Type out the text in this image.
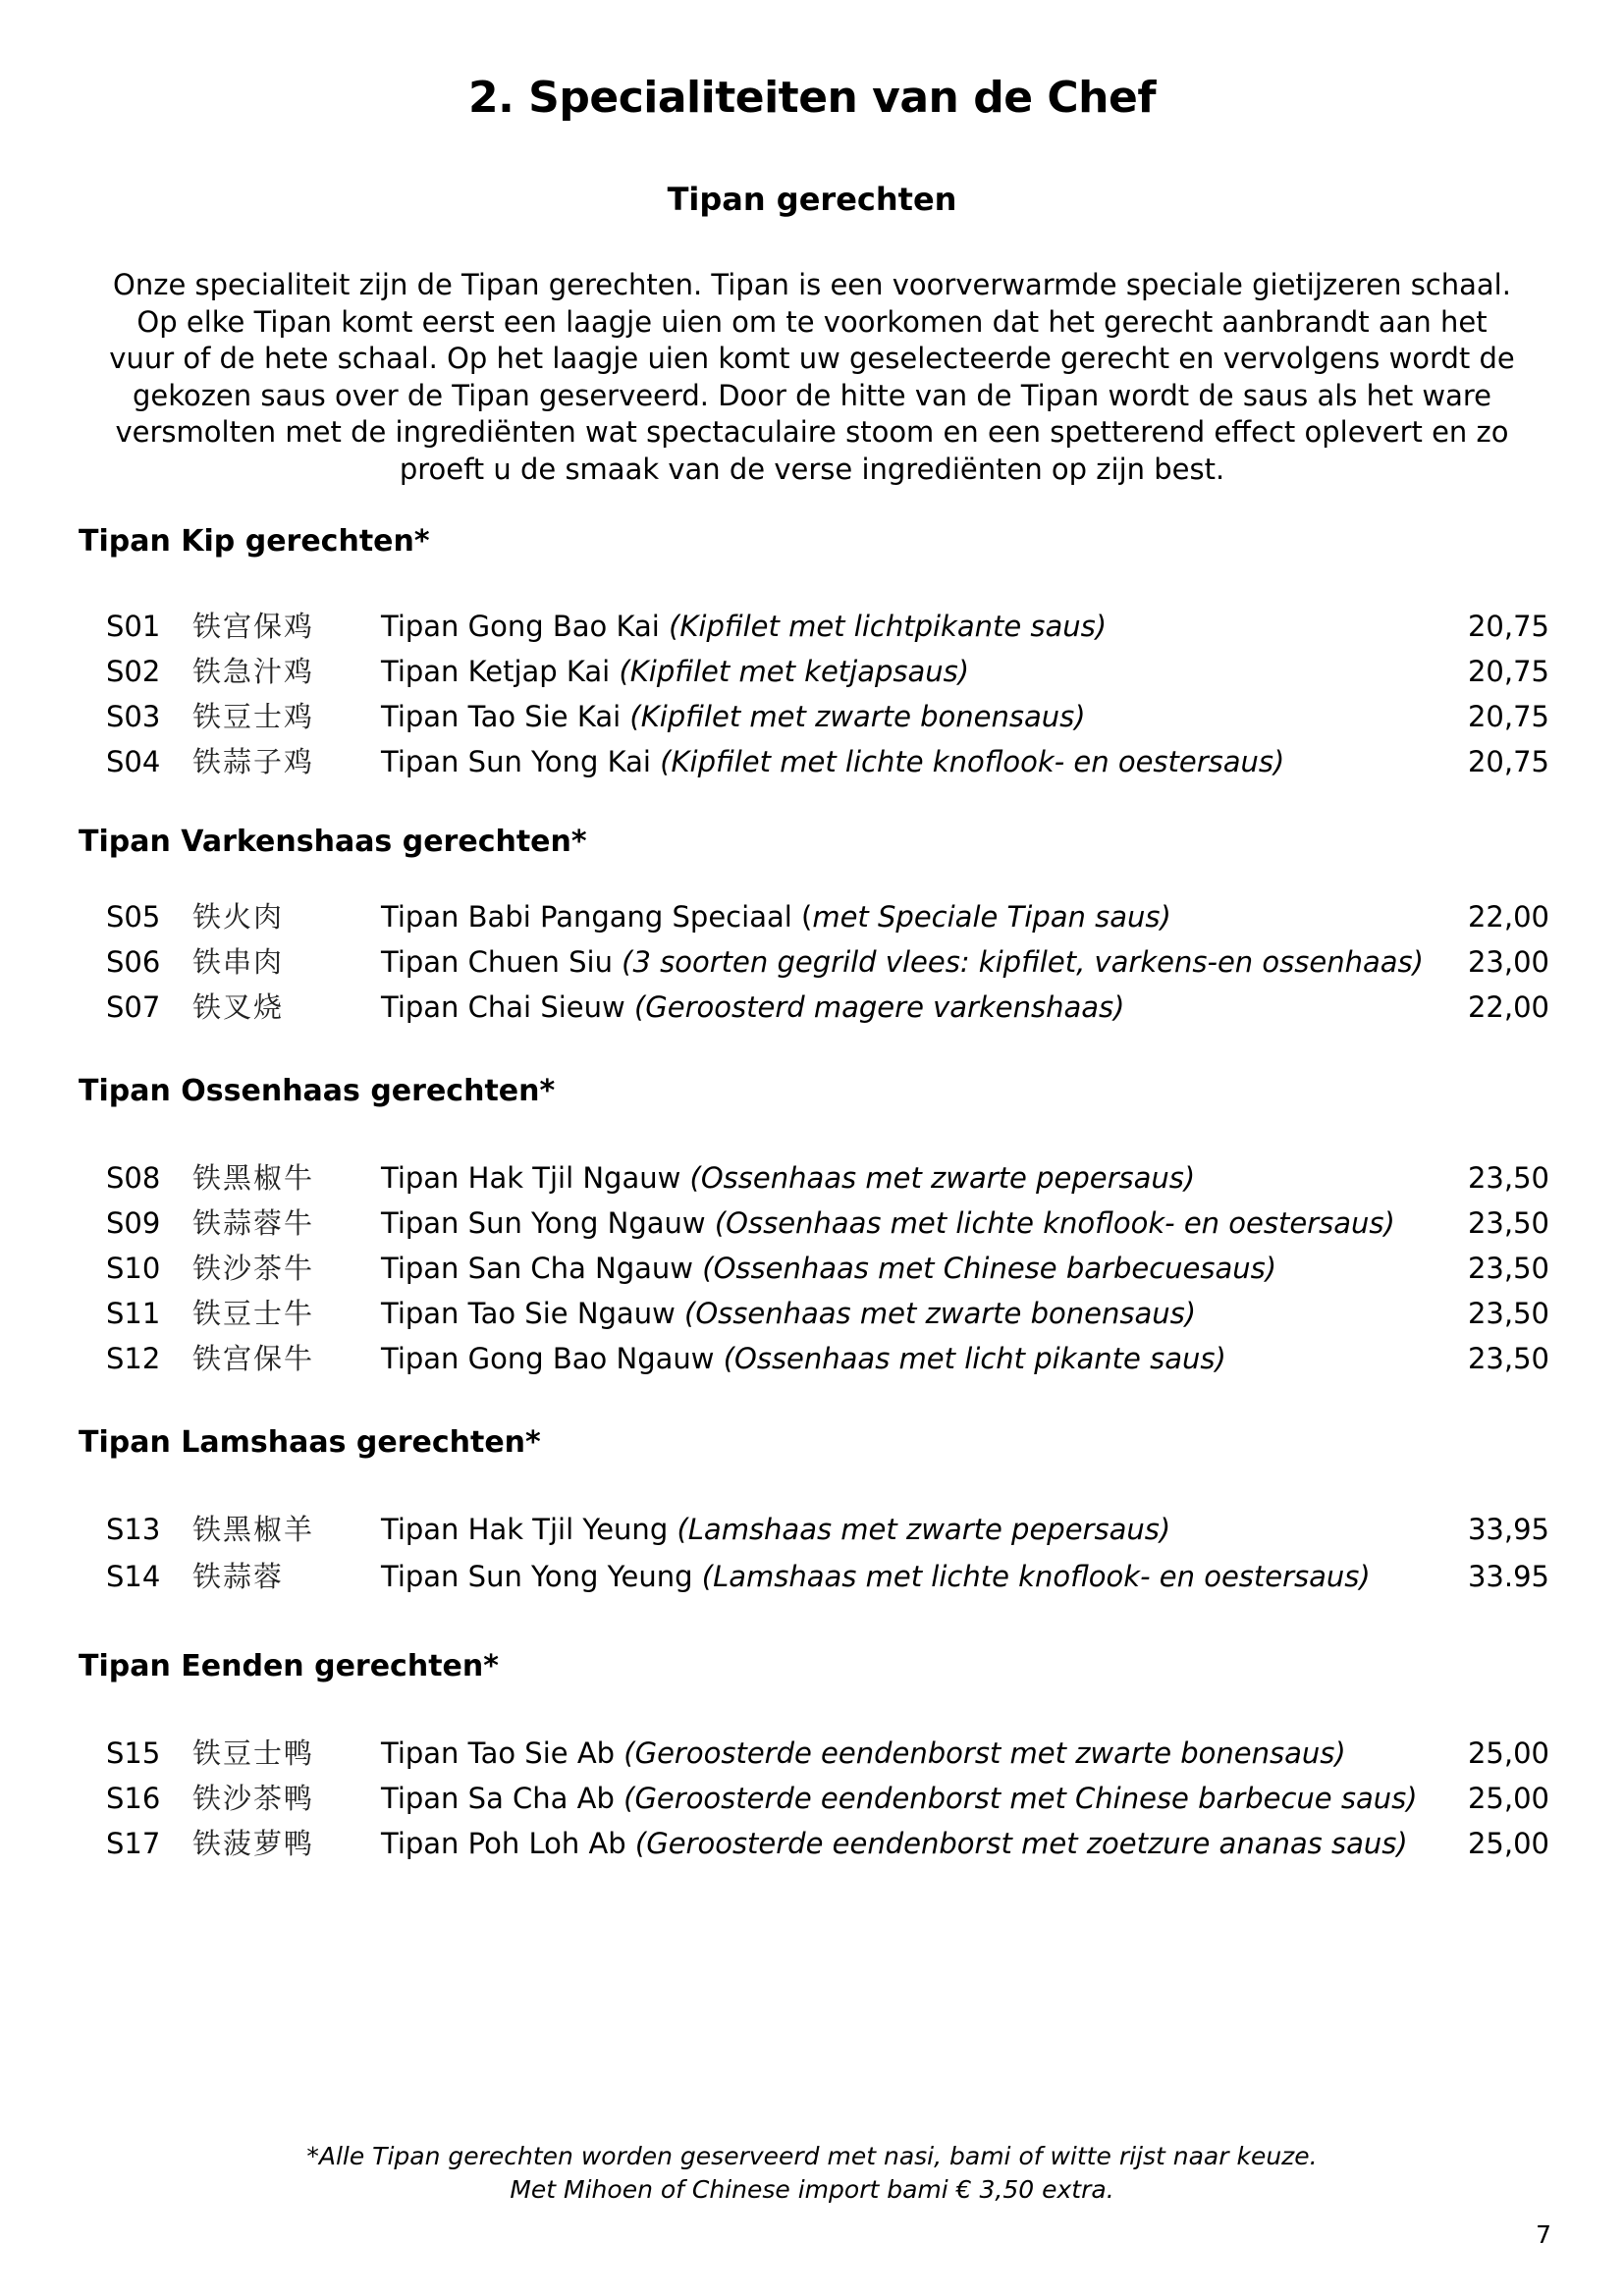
2. Specialiteiten van de Chef
Tipan gerechten

Onze specialiteit zijn de Tipan gerechten. Tipan is een voorverwarmde speciale gietijzeren schaal. Op elke Tipan komt eerst een laagje uien om te voorkomen dat het gerecht aanbrandt aan het vuur of de hete schaal. Op het laagje uien komt uw geselecteerde gerecht en vervolgens wordt de gekozen saus over de Tipan geserveerd. Door de hitte van de Tipan wordt de saus als het ware versmolten met de ingrediënten wat spectaculaire stoom en een spetterend effect oplevert en zo proeft u de smaak van de verse ingrediënten op zijn best.

Tipan Kip gerechten*
S01 铁宫保鸡 Tipan Gong Bao Kai (Kipfilet met lichtpikante saus)	20,75
S02 铁急汁鸡 Tipan Ketjap Kai (Kipfilet met ketjapsaus)	20,75
S03 铁豆士鸡 Tipan Tao Sie Kai (Kipfilet met zwarte bonensaus)	20,75
S04 铁蒜子鸡 Tipan Sun Yong Kai (Kipfilet met lichte knoflook- en oestersaus)	20,75
Tipan Varkenshaas gerechten*
S05 铁火肉	Tipan Babi Pangang Speciaal (met Speciale Tipan saus)	22,00
S06 铁串肉	Tipan Chuen Siu (3 soorten gegrild vlees: kipfilet, varkens-en ossenhaas) 23,00
S07 铁叉烧	Tipan Chai Sieuw (Geroosterd magere varkenshaas)	22,00
Tipan Ossenhaas gerechten*
S08 铁黑椒牛 Tipan Hak Tjil Ngauw (Ossenhaas met zwarte pepersaus)	23,50
S09 铁蒜蓉牛 Tipan Sun Yong Ngauw (Ossenhaas met lichte knoflook- en oestersaus)	23,50
S10 铁沙茶牛 Tipan San Cha Ngauw (Ossenhaas met Chinese barbecuesaus)	23,50
S11 铁豆士牛 Tipan Tao Sie Ngauw (Ossenhaas met zwarte bonensaus)	23,50
S12 铁宫保牛 Tipan Gong Bao Ngauw (Ossenhaas met licht pikante saus)	23,50
Tipan Lamshaas gerechten*
S13 铁黑椒羊 Tipan Hak Tjil Yeung (Lamshaas met zwarte pepersaus)	33,95
S14 铁蒜蓉	Tipan Sun Yong Yeung (Lamshaas met lichte knoflook- en oestersaus)	33.95
Tipan Eenden gerechten*
S15 铁豆士鸭 Tipan Tao Sie Ab (Geroosterde eendenborst met zwarte bonensaus)	25,00
S16 铁沙茶鸭 Tipan Sa Cha Ab (Geroosterde eendenborst met Chinese barbecue saus) 25,00
S17 铁菠萝鸭 Tipan Poh Loh Ab (Geroosterde eendenborst met zoetzure ananas saus) 25,00

*Alle Tipan gerechten worden geserveerd met nasi, bami of witte rijst naar keuze.
Met Mihoen of Chinese import bami € 3,50 extra.

7
